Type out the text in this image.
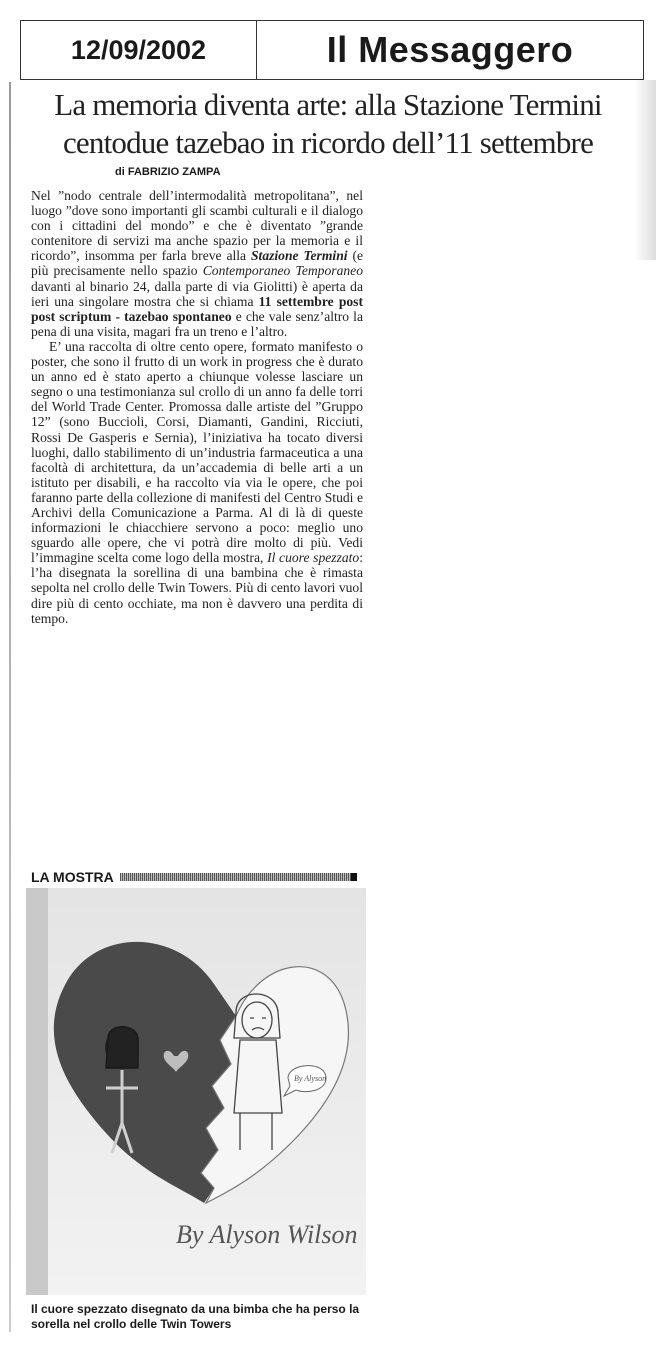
12/09/2002	Il Messaggero
La memoria diventa arte: alla Stazione Termini
centodue tazebao in ricordo dell’11 settembre
di FABRIZIO ZAMPA

Nel ”nodo centrale dell’intermodalità metropolitana”, nel luogo ”dove sono importanti gli scambi culturali e il dialogo con i cittadini del mondo” e che è diventato ”grande contenitore di servizi ma anche spazio per la memoria e il ricordo”, insomma per farla breve alla Stazione Termini (e più precisamente nello spazio Contemporaneo Temporaneo davanti al binario 24, dalla parte di via Giolitti) è aperta da ieri una singolare mostra che si chiama 11 settembre post post scriptum - tazebao spontaneo e che vale senz’altro la pena di una visita, magari fra un treno e l’altro.

E’ una raccolta di oltre cento opere, formato manifesto o poster, che sono il frutto di un work in progress che è durato un anno ed è stato aperto a chiunque volesse lasciare un segno o una testimonianza sul crollo di un anno fa delle torri del World Trade Center. Promossa dalle artiste del ”Gruppo 12” (sono Buccioli, Corsi, Diamanti, Gandini, Ricciuti, Rossi De Gasperis e Sernia), l’iniziativa ha tocato diversi luoghi, dallo stabilimento di un’industria farmaceutica a una facoltà di architettura, da un’accademia di belle arti a un istituto per disabili, e ha raccolto via via le opere, che poi faranno parte della collezione di manifesti del Centro Studi e Archivi della Comunicazione a Parma. Al di là di queste informazioni le chiacchiere servono a poco: meglio uno sguardo alle opere, che vi potrà dire molto di più. Vedi l’immagine scelta come logo della mostra, Il cuore spezzato: l’ha disegnata la sorellina di una bambina che è rimasta sepolta nel crollo delle Twin Towers. Più di cento lavori vuol dire più di cento occhiate, ma non è davvero una perdita di tempo.

LA MOSTRA
By Alyson
By Alyson Wilson
Il cuore spezzato disegnato da una bimba che ha perso la sorella nel crollo delle Twin Towers
